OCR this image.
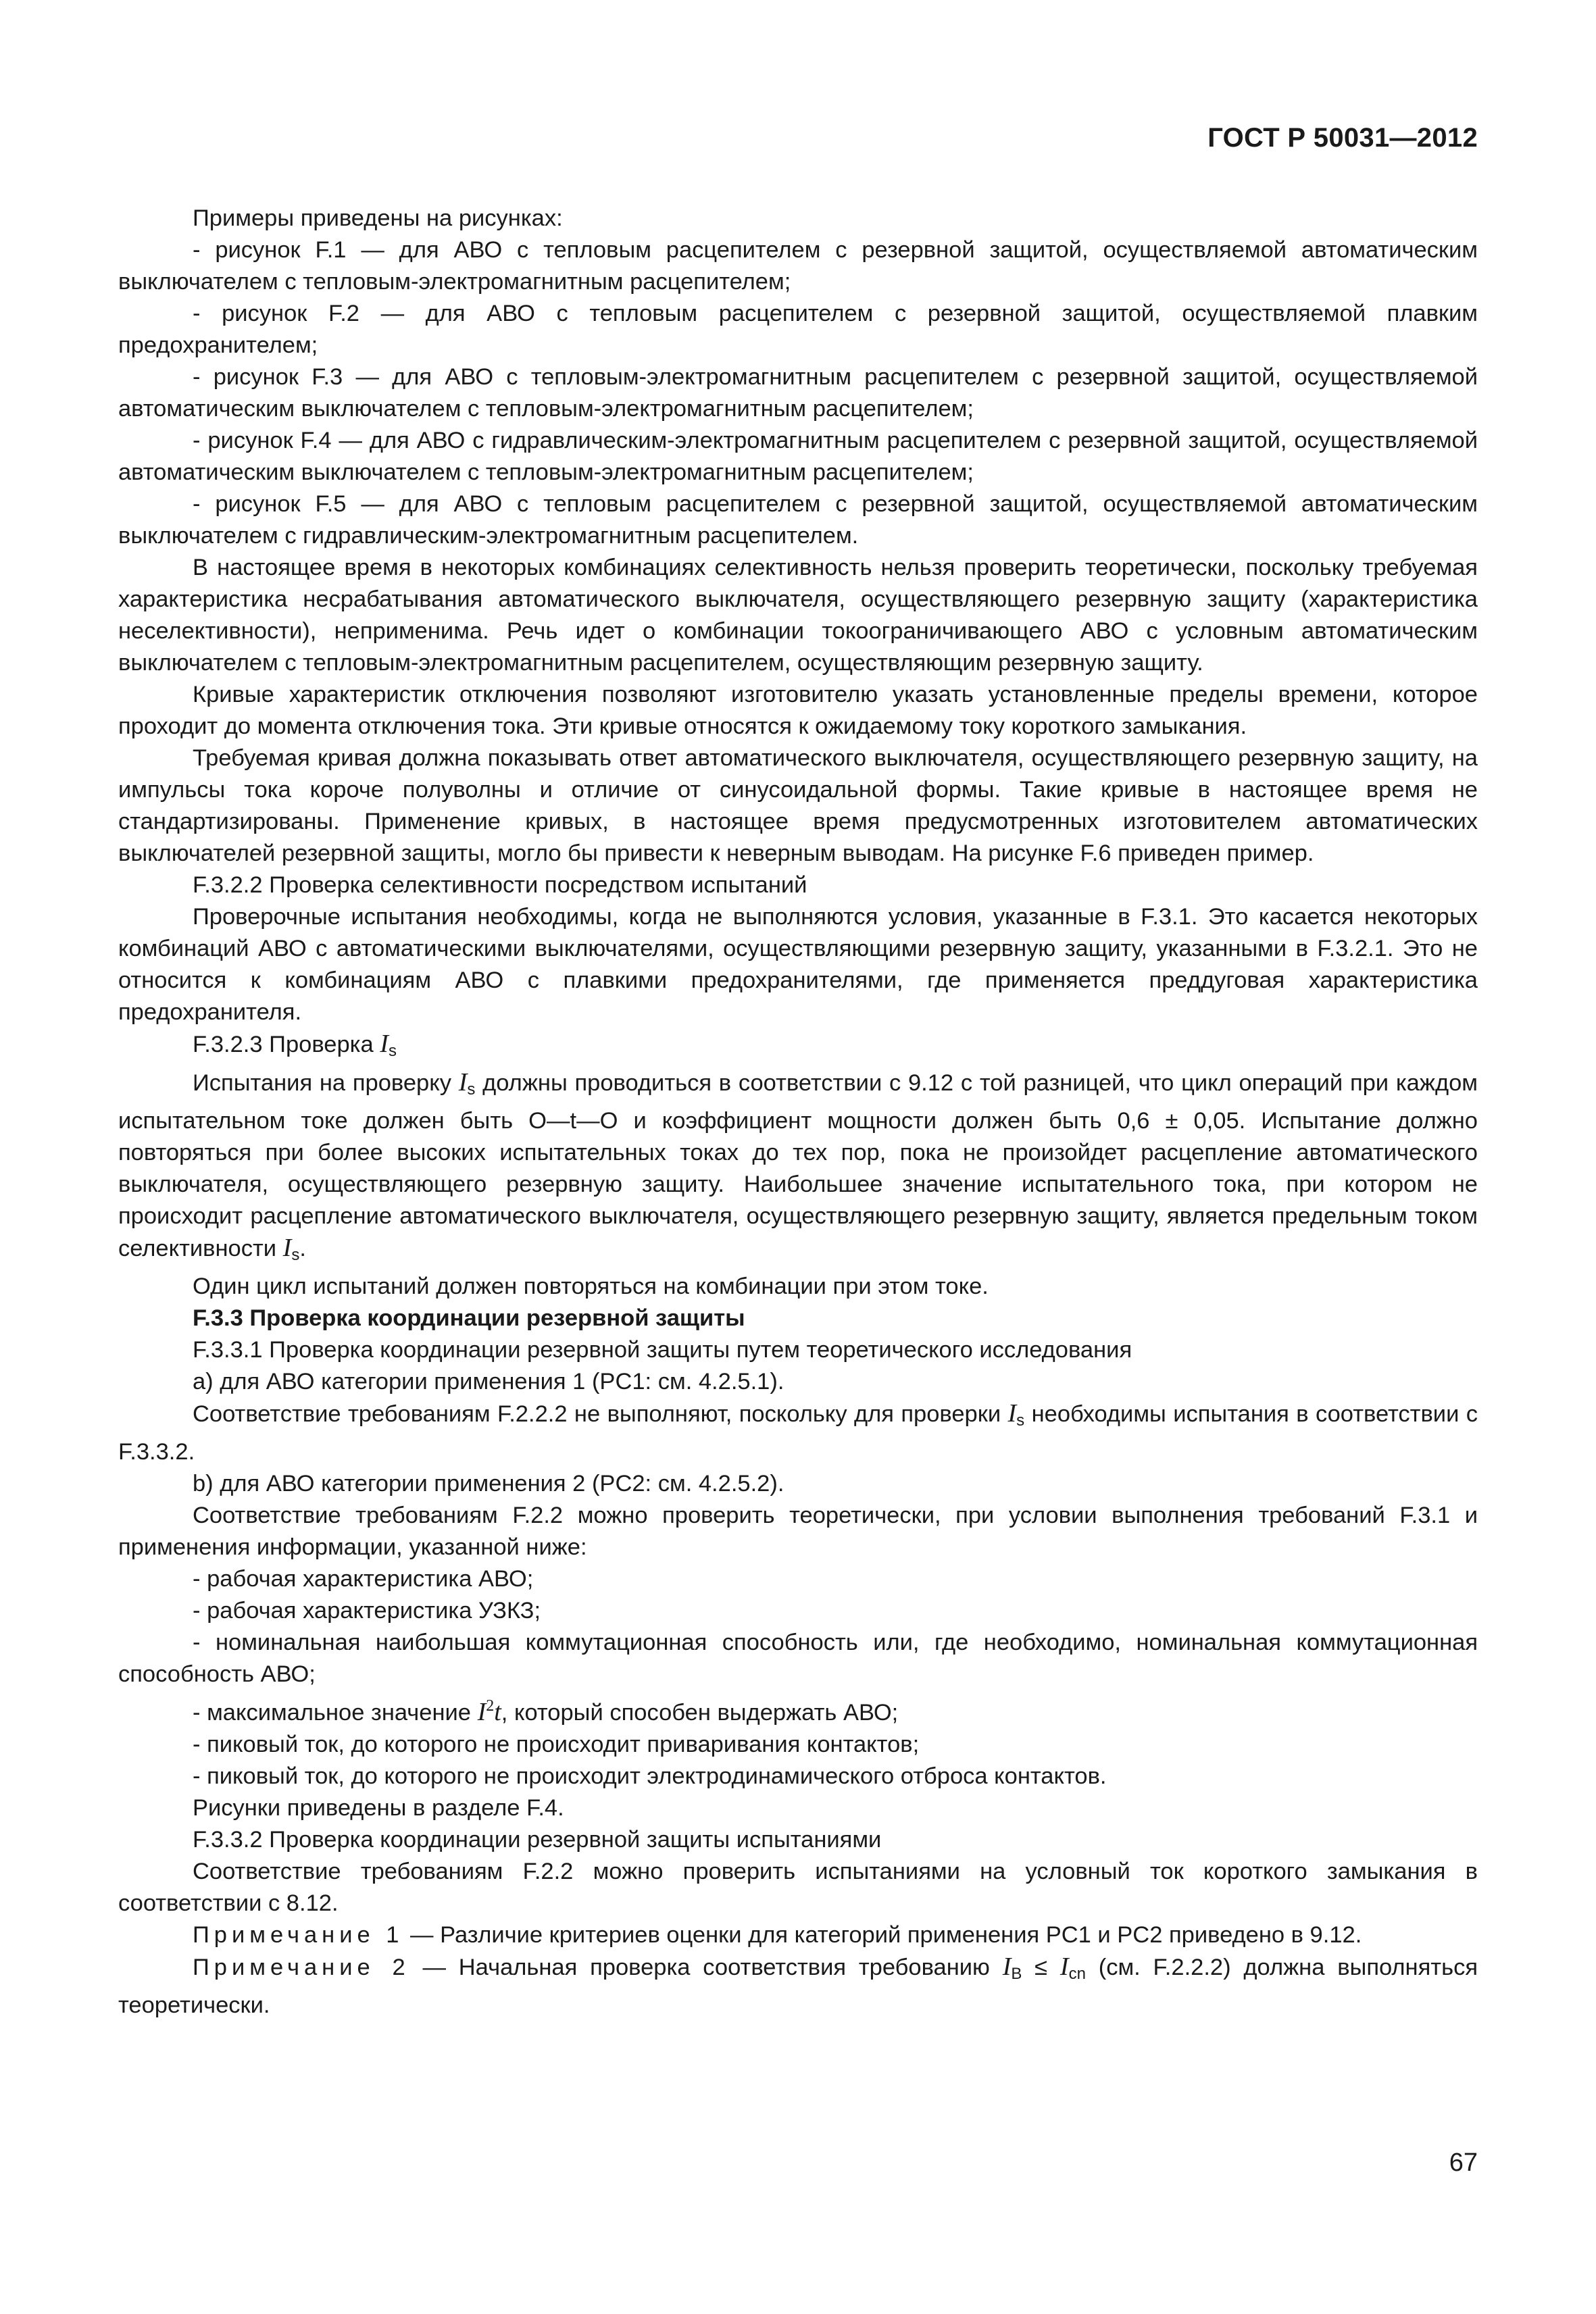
ГОСТ Р 50031—2012

Примеры приведены на рисунках:

- рисунок F.1 — для АВО с тепловым расцепителем с резервной защитой, осуществляемой автоматическим выключателем с тепловым-электромагнитным расцепителем;

- рисунок F.2 — для АВО с тепловым расцепителем с резервной защитой, осуществляемой плавким предохранителем;

- рисунок F.3 — для АВО с тепловым-электромагнитным расцепителем с резервной защитой, осуществляемой автоматическим выключателем с тепловым-электромагнитным расцепителем;

- рисунок F.4 — для АВО с гидравлическим-электромагнитным расцепителем с резервной защитой, осуществляемой автоматическим выключателем с тепловым-электромагнитным расцепителем;

- рисунок F.5 — для АВО с тепловым расцепителем с резервной защитой, осуществляемой автоматическим выключателем с гидравлическим-электромагнитным расцепителем.

В настоящее время в некоторых комбинациях селективность нельзя проверить теоретически, поскольку требуемая характеристика несрабатывания автоматического выключателя, осуществляющего резервную защиту (характеристика неселективности), неприменима. Речь идет о комбинации токоограничивающего АВО с условным автоматическим выключателем с тепловым-электромагнитным расцепителем, осуществляющим резервную защиту.

Кривые характеристик отключения позволяют изготовителю указать установленные пределы времени, которое проходит до момента отключения тока. Эти кривые относятся к ожидаемому току короткого замыкания.

Требуемая кривая должна показывать ответ автоматического выключателя, осуществляющего резервную защиту, на импульсы тока короче полуволны и отличие от синусоидальной формы. Такие кривые в настоящее время не стандартизированы. Применение кривых, в настоящее время предусмотренных изготовителем автоматических выключателей резервной защиты, могло бы привести к неверным выводам. На рисунке F.6 приведен пример.

F.3.2.2 Проверка селективности посредством испытаний

Проверочные испытания необходимы, когда не выполняются условия, указанные в F.3.1. Это касается некоторых комбинаций АВО с автоматическими выключателями, осуществляющими резервную защиту, указанными в F.3.2.1. Это не относится к комбинациям АВО с плавкими предохранителями, где применяется преддуговая характеристика предохранителя.

F.3.2.3 Проверка $I_s$

Испытания на проверку $I_s$ должны проводиться в соответствии с 9.12 с той разницей, что цикл операций при каждом испытательном токе должен быть О—t—О и коэффициент мощности должен быть 0,6 ± 0,05. Испытание должно повторяться при более высоких испытательных токах до тех пор, пока не произойдет расцепление автоматического выключателя, осуществляющего резервную защиту. Наибольшее значение испытательного тока, при котором не происходит расцепление автоматического выключателя, осуществляющего резервную защиту, является предельным током селективности $I_s$.

Один цикл испытаний должен повторяться на комбинации при этом токе.

F.3.3 Проверка координации резервной защиты

F.3.3.1 Проверка координации резервной защиты путем теоретического исследования

а) для АВО категории применения 1 (PC1: см. 4.2.5.1).

Соответствие требованиям F.2.2.2 не выполняют, поскольку для проверки $I_s$ необходимы испытания в соответствии с F.3.3.2.

b) для АВО категории применения 2 (PC2: см. 4.2.5.2).

Соответствие требованиям F.2.2 можно проверить теоретически, при условии выполнения требований F.3.1 и применения информации, указанной ниже:

- рабочая характеристика АВО;

- рабочая характеристика УЗКЗ;

- номинальная наибольшая коммутационная способность или, где необходимо, номинальная коммутационная способность АВО;

- максимальное значение $I^2t$, который способен выдержать АВО;

- пиковый ток, до которого не происходит приваривания контактов;

- пиковый ток, до которого не происходит электродинамического отброса контактов.

Рисунки приведены в разделе F.4.

F.3.3.2 Проверка координации резервной защиты испытаниями

Соответствие требованиям F.2.2 можно проверить испытаниями на условный ток короткого замыкания в соответствии с 8.12.

Примечание 1 — Различие критериев оценки для категорий применения PC1 и PC2 приведено в 9.12.

Примечание 2 — Начальная проверка соответствия требованию $I_B \le I_{cn}$ (см. F.2.2.2) должна выполняться теоретически.

67
